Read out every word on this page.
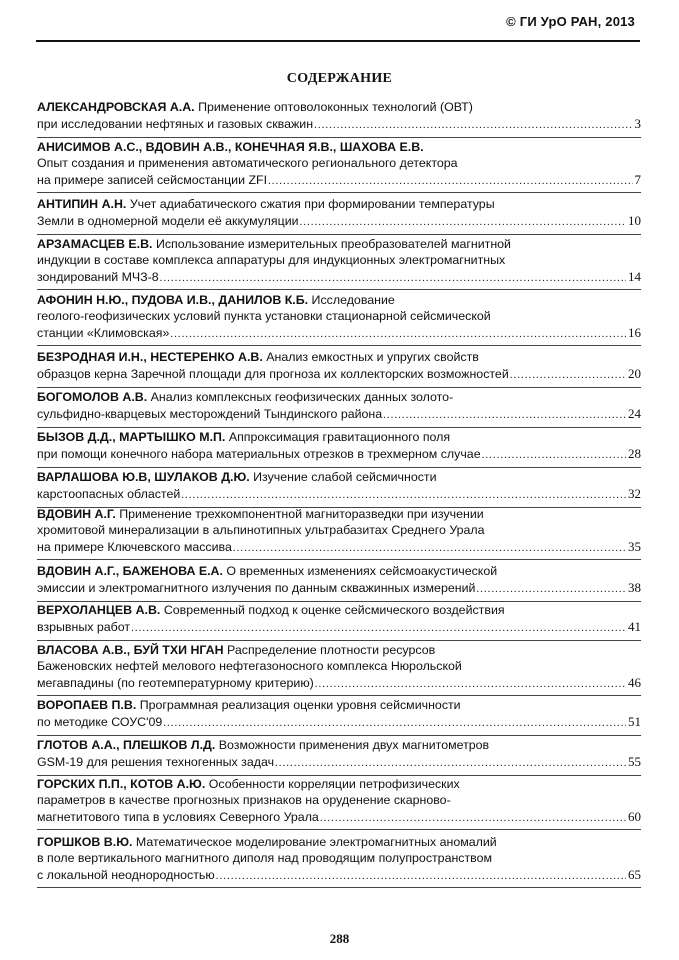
© ГИ УрО РАН, 2013
СОДЕРЖАНИЕ
АЛЕКСАНДРОВСКАЯ А.А. Применение оптоволоконных технологий (ОВТ)
при исследовании нефтяных и газовых скважин .....	3
АНИСИМОВ А.С., ВДОВИН А.В., КОНЕЧНАЯ Я.В., ШАХОВА Е.В.
Опыт создания и применения автоматического регионального детектора
на примере записей сейсмостанции ZFI .....	7
АНТИПИН А.Н. Учет адиабатического сжатия при формировании температуры
Земли в одномерной модели её аккумуляции .....	10
АРЗАМАСЦЕВ Е.В. Использование измерительных преобразователей магнитной
индукции в составе комплекса аппаратуры для индукционных электромагнитных
зондирований МЧЗ-8 .....	14
АФОНИН Н.Ю., ПУДОВА И.В., ДАНИЛОВ К.Б. Исследование
геолого-геофизических условий пункта установки стационарной сейсмической
станции «Климовская» .....	16
БЕЗРОДНАЯ И.Н., НЕСТЕРЕНКО А.В. Анализ емкостных и упругих свойств
образцов керна Заречной площади для прогноза их коллекторских возможностей .....	20
БОГОМОЛОВ А.В. Анализ комплексных геофизических данных золото-
сульфидно-кварцевых месторождений Тындинского района .....	24
БЫЗОВ Д.Д., МАРТЫШКО М.П. Аппроксимация гравитационного поля
при помощи конечного набора материальных отрезков в трехмерном случае .....	28
ВАРЛАШОВА Ю.В, ШУЛАКОВ Д.Ю. Изучение слабой сейсмичности
карстоопасных областей .....	32
ВДОВИН А.Г. Применение трехкомпонентной магниторазведки при изучении
хромитовой минерализации в альпинотипных ультрабазитах Среднего Урала
на примере Ключевского массива .....	35
ВДОВИН А.Г., БАЖЕНОВА Е.А. О временных изменениях сейсмоакустической
эмиссии и электромагнитного излучения по данным скважинных измерений .....	38
ВЕРХОЛАНЦЕВ А.В. Современный подход к оценке сейсмического воздействия
взрывных работ .....	41
ВЛАСОВА А.В., БУЙ ТХИ НГАН Распределение плотности ресурсов
Баженовских нефтей мелового нефтегазоносного комплекса Нюрольской
мегавпадины (по геотемпературному критерию) .....	46
ВОРОПАЕВ П.В. Программная реализация оценки уровня сейсмичности
по методике СОУС'09 .....	51
ГЛОТОВ А.А., ПЛЕШКОВ Л.Д. Возможности применения двух магнитометров
GSM-19 для решения техногенных задач .....	55
ГОРСКИХ П.П., КОТОВ А.Ю. Особенности корреляции петрофизических
параметров в качестве прогнозных признаков на оруденение скарново-
магнетитового типа в условиях Северного Урала .....	60
ГОРШКОВ В.Ю. Математическое моделирование электромагнитных аномалий
в поле вертикального магнитного диполя над проводящим полупространством
с локальной неоднородностью .....	65
288
